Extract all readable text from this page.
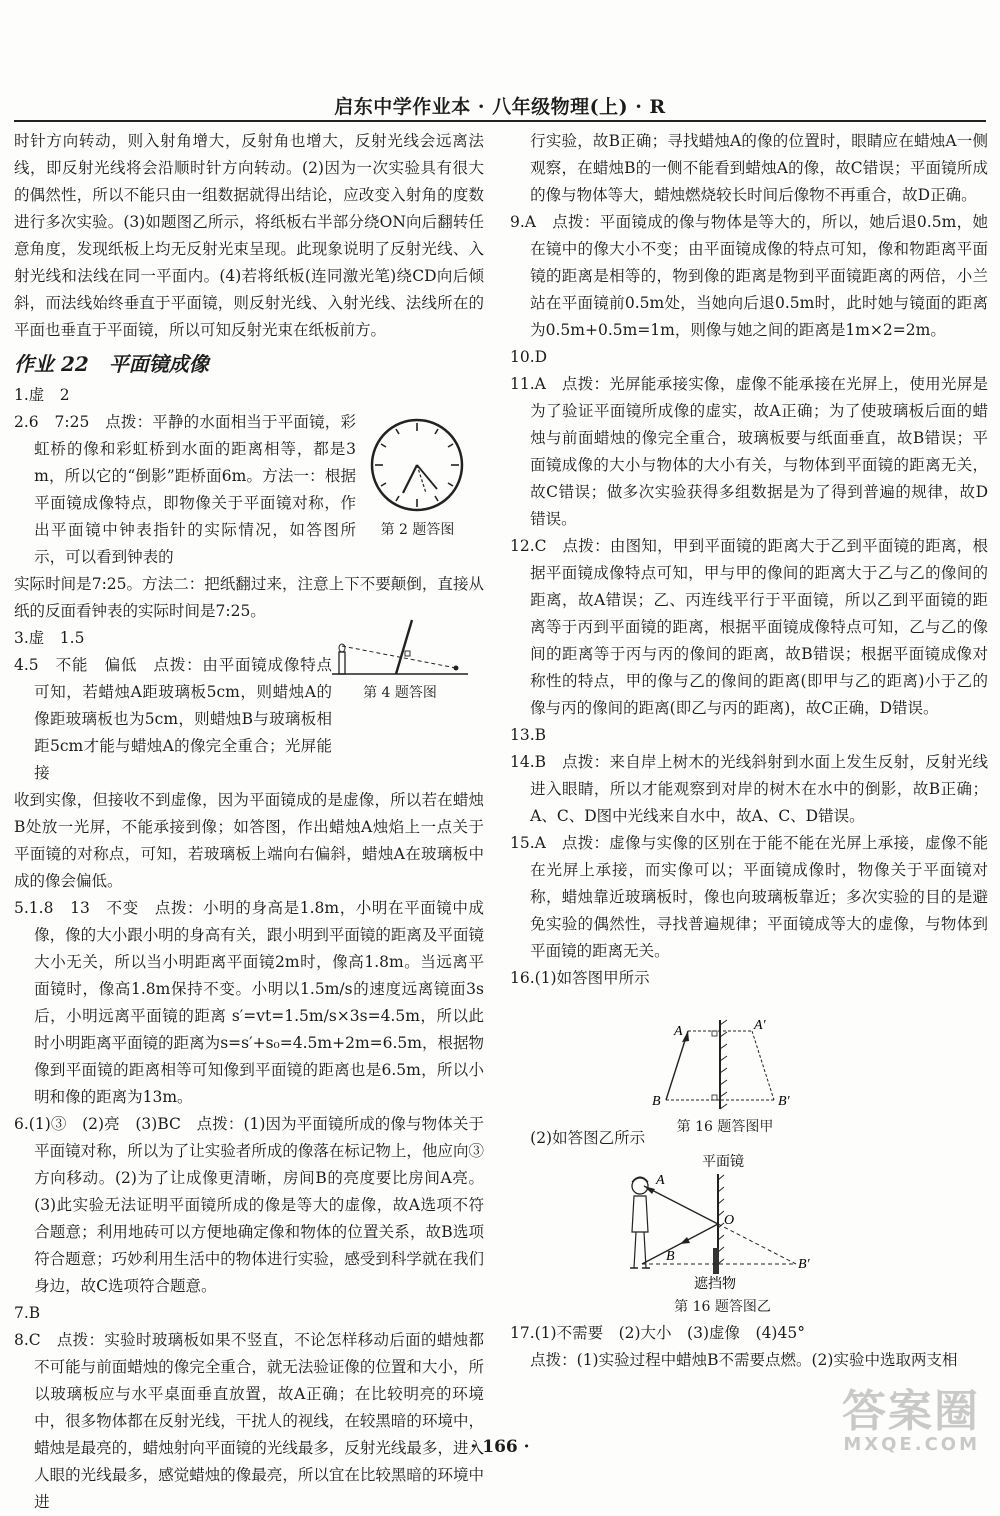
启东中学作业本 · 八年级物理(上) · R

时针方向转动，则入射角增大，反射角也增大，反射光线会远离法线，即反射光线将会沿顺时针方向转动。(2)因为一次实验具有很大的偶然性，所以不能只由一组数据就得出结论，应改变入射角的度数进行多次实验。(3)如题图乙所示，将纸板右半部分绕ON向后翻转任意角度，发现纸板上均无反射光束呈现。此现象说明了反射光线、入射光线和法线在同一平面内。(4)若将纸板(连同激光笔)绕CD向后倾斜，而法线始终垂直于平面镜，则反射光线、入射光线、法线所在的平面也垂直于平面镜，所以可知反射光束在纸板前方。

作业 22　平面镜成像

1.虚　2

2.6　7:25　点拨：平静的水面相当于平面镜，彩虹桥的像和彩虹桥到水面的距离相等，都是3m，所以它的“倒影”距桥面6m。方法一：根据平面镜成像特点，即物像关于平面镜对称，作出平面镜中钟表指针的实际情况，如答图所示，可以看到钟表的

实际时间是7:25。方法二：把纸翻过来，注意上下不要颠倒，直接从纸的反面看钟表的实际时间是7:25。

3.虚　1.5

4.5　不能　偏低　点拨：由平面镜成像特点可知，若蜡烛A距玻璃板5cm，则蜡烛A的像距玻璃板也为5cm，则蜡烛B与玻璃板相距5cm才能与蜡烛A的像完全重合；光屏能接

收到实像，但接收不到虚像，因为平面镜成的是虚像，所以若在蜡烛B处放一光屏，不能承接到像；如答图，作出蜡烛A烛焰上一点关于平面镜的对称点，可知，若玻璃板上端向右偏斜，蜡烛A在玻璃板中成的像会偏低。

5.1.8　13　不变　点拨：小明的身高是1.8m，小明在平面镜中成像，像的大小跟小明的身高有关，跟小明到平面镜的距离及平面镜大小无关，所以当小明距离平面镜2m时，像高1.8m。当远离平面镜时，像高1.8m保持不变。小明以1.5m/s的速度远离镜面3s后，小明远离平面镜的距离 s′=vt=1.5m/s×3s=4.5m，所以此时小明距离平面镜的距离为s=s′+s₀=4.5m+2m=6.5m，根据物像到平面镜的距离相等可知像到平面镜的距离也是6.5m，所以小明和像的距离为13m。

6.(1)③　(2)亮　(3)BC　点拨：(1)因为平面镜所成的像与物体关于平面镜对称，所以为了让实验者所成的像落在标记物上，他应向③方向移动。(2)为了让成像更清晰，房间B的亮度要比房间A亮。(3)此实验无法证明平面镜所成的像是等大的虚像，故A选项不符合题意；利用地砖可以方便地确定像和物体的位置关系，故B选项符合题意；巧妙利用生活中的物体进行实验，感受到科学就在我们身边，故C选项符合题意。

7.B

8.C　点拨：实验时玻璃板如果不竖直，不论怎样移动后面的蜡烛都不可能与前面蜡烛的像完全重合，就无法验证像的位置和大小，所以玻璃板应与水平桌面垂直放置，故A正确；在比较明亮的环境中，很多物体都在反射光线，干扰人的视线，在较黑暗的环境中，蜡烛是最亮的，蜡烛射向平面镜的光线最多，反射光线最多，进入人眼的光线最多，感觉蜡烛的像最亮，所以宜在比较黑暗的环境中进

第 2 题答图
第 4 题答图

行实验，故B正确；寻找蜡烛A的像的位置时，眼睛应在蜡烛A一侧观察，在蜡烛B的一侧不能看到蜡烛A的像，故C错误；平面镜所成的像与物体等大，蜡烛燃烧较长时间后像物不再重合，故D正确。

9.A　点拨：平面镜成的像与物体是等大的，所以，她后退0.5m，她在镜中的像大小不变；由平面镜成像的特点可知，像和物距离平面镜的距离是相等的，物到像的距离是物到平面镜距离的两倍，小兰站在平面镜前0.5m处，当她向后退0.5m时，此时她与镜面的距离为0.5m+0.5m=1m，则像与她之间的距离是1m×2=2m。

10.D

11.A　点拨：光屏能承接实像，虚像不能承接在光屏上，使用光屏是为了验证平面镜所成像的虚实，故A正确；为了使玻璃板后面的蜡烛与前面蜡烛的像完全重合，玻璃板要与纸面垂直，故B错误；平面镜成像的大小与物体的大小有关，与物体到平面镜的距离无关，故C错误；做多次实验获得多组数据是为了得到普遍的规律，故D错误。

12.C　点拨：由图知，甲到平面镜的距离大于乙到平面镜的距离，根据平面镜成像特点可知，甲与甲的像间的距离大于乙与乙的像间的距离，故A错误；乙、丙连线平行于平面镜，所以乙到平面镜的距离等于丙到平面镜的距离，根据平面镜成像特点可知，乙与乙的像间的距离等于丙与丙的像间的距离，故B错误；根据平面镜成像对称性的特点，甲的像与乙的像间的距离(即甲与乙的距离)小于乙的像与丙的像间的距离(即乙与丙的距离)，故C正确，D错误。

13.B

14.B　点拨：来自岸上树木的光线斜射到水面上发生反射，反射光线进入眼睛，所以才能观察到对岸的树木在水中的倒影，故B正确；A、C、D图中光线来自水中，故A、C、D错误。

15.A　点拨：虚像与实像的区别在于能不能在光屏上承接，虚像不能在光屏上承接，而实像可以；平面镜成像时，物像关于平面镜对称，蜡烛靠近玻璃板时，像也向玻璃板靠近；多次实验的目的是避免实验的偶然性，寻找普遍规律；平面镜成等大的虚像，与物体到平面镜的距离无关。

16.(1)如答图甲所示

A	A′
B	B′
第 16 题答图甲

(2)如答图乙所示

平面镜
A
O
B
B′
遮挡物
第 16 题答图乙

17.(1)不需要　(2)大小　(3)虚像　(4)45°

点拨：(1)实验过程中蜡烛B不需要点燃。(2)实验中选取两支相

· 166 ·
答案圈
MXQE.COM
